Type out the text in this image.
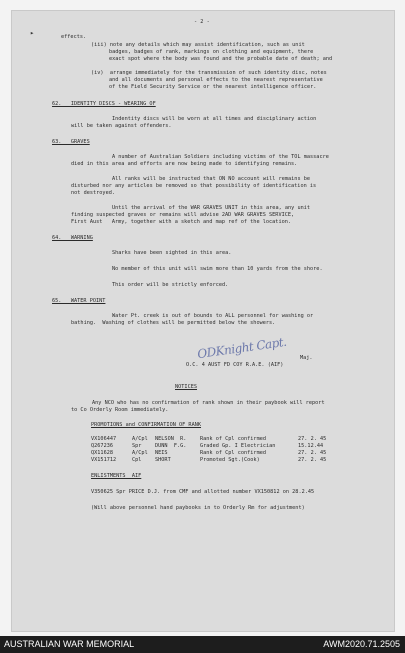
- 2 -
effects.
(iii) note any details which may assist identification, such as unit
badges, badges of rank, markings on clothing and equipment, there
exact spot where the body was found and the probable date of death; and
(iv)  arrange immediately for the transmission of such identity disc, notes
and all documents and personal effects to the nearest representative
of the Field Security Service or the nearest intelligence officer.
62.   IDENTITY DISCS - WEARING OF
Indentity discs will be worn at all times and disciplinary action
will be taken against offenders.
63.   GRAVES
A number of Australian Soldiers including victims of the TOL massacre
died in this area and efforts are now being made to identifying remains.
All ranks will be instructed that ON NO account will remains be
disturbed nor any articles be removed so that possibility of identification is
not destroyed.
Until the arrival of the WAR GRAVES UNIT in this area, any unit
finding suspected graves or remains will advise 2AD WAR GRAVES SERVICE,
First Aust   Army, together with a sketch and map ref of the location.
64.   WARNING
Sharks have been sighted in this area.
No member of this unit will swim more than 10 yards from the shore.
This order will be strictly enforced.
65.   WATER POINT
Water Pt. creek is out of bounds to ALL personnel for washing or
bathing.  Washing of clothes will be permitted below the showers.
ODKnight Capt. Maj.
O.C. 4 AUST FD COY R.A.E. (AIF)
NOTICES
Any NCO who has no confirmation of rank shown in their paybook will report
to Co Orderly Room immediately.
PROMOTIONS and CONFIRMATION OF RANK
VX106447	A/Cpl NELSON  R.	Rank of Cpl confirmed	27. 2. 45
Q267236	Spr	DUNN  F.G.	Graded Gp. I Electrician	15.12.44
QX11628	A/Cpl NEIS	Rank of Cpl confirmed	27. 2. 45
VX151712	Cpl	SHORT	Promoted Sgt.(Cook)	27. 2. 45
ENLISTMENTS  AIF
V350625 Spr PRICE D.J. from CMF and allotted number VX150812 on 28.2.45
(Will above personnel hand paybooks in to Orderly Rm for adjustment)
▸
AUSTRALIAN WAR MEMORIAL	AWM2020.71.2505
